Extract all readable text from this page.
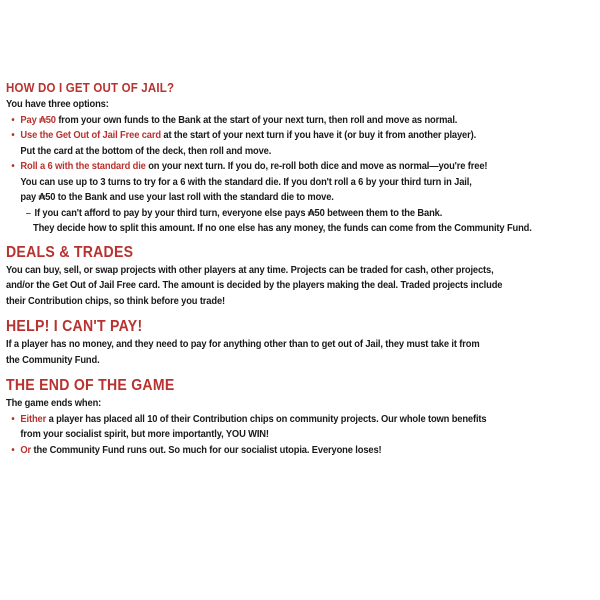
HOW DO I GET OUT OF JAIL?
You have three options:
• Pay ₳50 from your own funds to the Bank at the start of your next turn, then roll and move as normal.
• Use the Get Out of Jail Free card at the start of your next turn if you have it (or buy it from another player).
Put the card at the bottom of the deck, then roll and move.
• Roll a 6 with the standard die on your next turn. If you do, re-roll both dice and move as normal—you're free!
You can use up to 3 turns to try for a 6 with the standard die. If you don't roll a 6 by your third turn in Jail,
pay ₳50 to the Bank and use your last roll with the standard die to move.
– If you can't afford to pay by your third turn, everyone else pays ₳50 between them to the Bank.
They decide how to split this amount. If no one else has any money, the funds can come from the Community Fund.
DEALS & TRADES
You can buy, sell, or swap projects with other players at any time. Projects can be traded for cash, other projects,
and/or the Get Out of Jail Free card. The amount is decided by the players making the deal. Traded projects include
their Contribution chips, so think before you trade!
HELP! I CAN'T PAY!
If a player has no money, and they need to pay for anything other than to get out of Jail, they must take it from
the Community Fund.
THE END OF THE GAME
The game ends when:
• Either a player has placed all 10 of their Contribution chips on community projects. Our whole town benefits
from your socialist spirit, but more importantly, YOU WIN!
• Or the Community Fund runs out. So much for our socialist utopia. Everyone loses!
